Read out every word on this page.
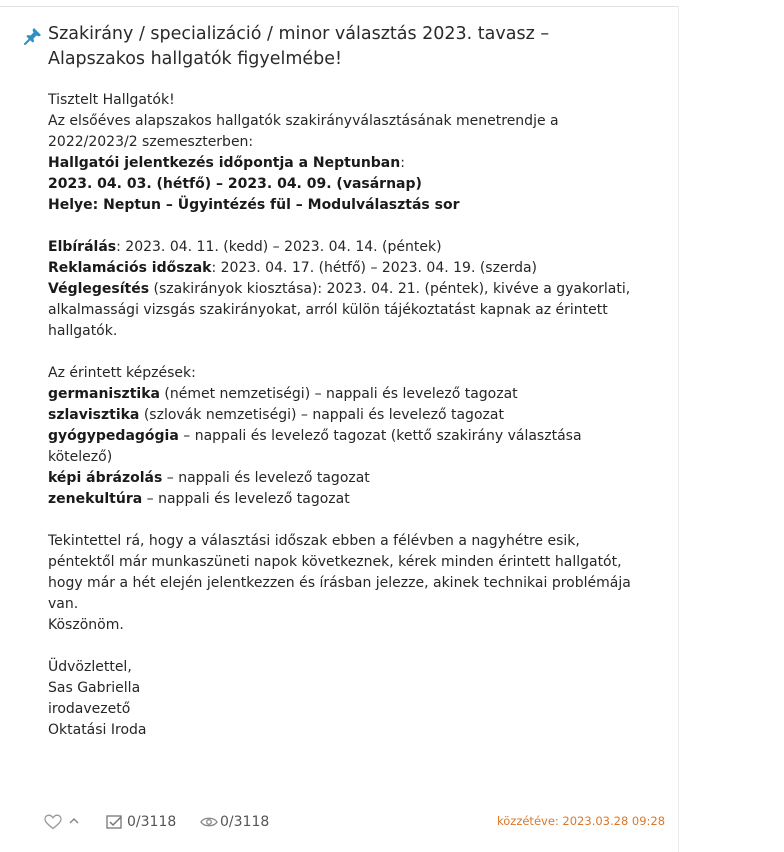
Szakirány / specializáció / minor választás 2023. tavasz –
Alapszakos hallgatók figyelmébe!

Tisztelt Hallgatók!

Az elsőéves alapszakos hallgatók szakirányválasztásának menetrendje a 2022/2023/2 szemeszterben:

Hallgatói jelentkezés időpontja a Neptunban:

2023. 04. 03. (hétfő) – 2023. 04. 09. (vasárnap)

Helye: Neptun – Ügyintézés fül – Modulválasztás sor

Elbírálás: 2023. 04. 11. (kedd) – 2023. 04. 14. (péntek)

Reklamációs időszak: 2023. 04. 17. (hétfő) – 2023. 04. 19. (szerda)

Véglegesítés (szakirányok kiosztása): 2023. 04. 21. (péntek), kivéve a gyakorlati, alkalmassági vizsgás szakirányokat, arról külön tájékoztatást kapnak az érintett hallgatók.

Az érintett képzések:

germanisztika (német nemzetiségi) – nappali és levelező tagozat

szlavisztika (szlovák nemzetiségi) – nappali és levelező tagozat

gyógypedagógia – nappali és levelező tagozat (kettő szakirány választása kötelező)

képi ábrázolás – nappali és levelező tagozat

zenekultúra – nappali és levelező tagozat

Tekintettel rá, hogy a választási időszak ebben a félévben a nagyhétre esik, péntektől már munkaszüneti napok következnek, kérek minden érintett hallgatót, hogy már a hét elején jelentkezzen és írásban jelezze, akinek technikai problémája van.

Köszönöm.

Üdvözlettel,

Sas Gabriella

irodavezető

Oktatási Iroda

0/3118	0/3118	közzétéve: 2023.03.28 09:28
